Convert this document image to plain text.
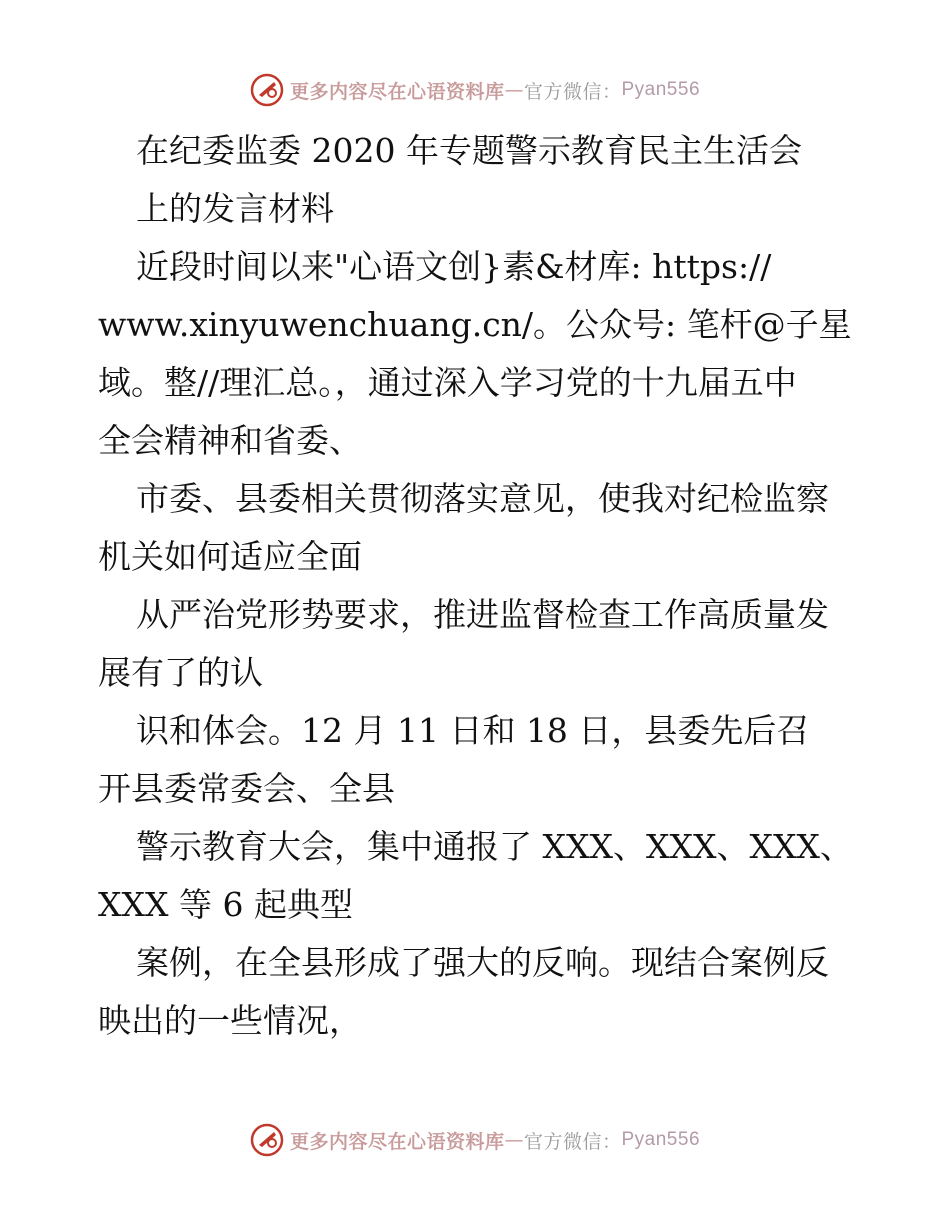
更多内容尽在心语资料库 — 官方微信： Pyan556
在纪委监委 2020 年专题警示教育民主生活会
上的发言材料
近段时间以来"心语文创}素&材库: https://
www.xinyuwenchuang.cn/。公众号: 笔杆@子星
域。整//理汇总。，通过深入学习党的十九届五中
全会精神和省委、
市委、县委相关贯彻落实意见，使我对纪检监察
机关如何适应全面
从严治党形势要求，推进监督检查工作高质量发
展有了的认
识和体会。12 月 11 日和 18 日，县委先后召
开县委常委会、全县
警示教育大会，集中通报了 XXX、XXX、XXX、
XXX 等 6 起典型
案例，在全县形成了强大的反响。现结合案例反
映出的一些情况，
更多内容尽在心语资料库 — 官方微信： Pyan556
